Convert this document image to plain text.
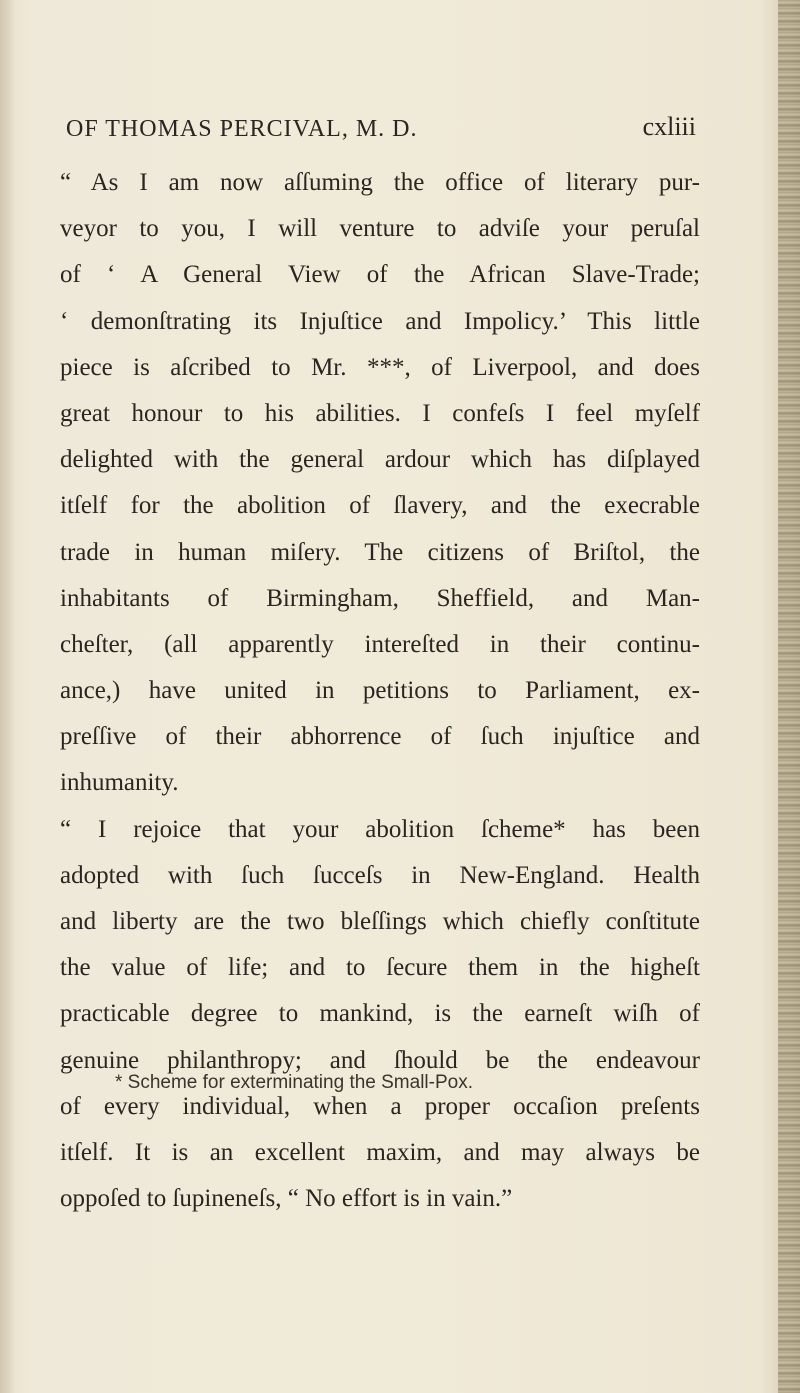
OF THOMAS PERCIVAL, M. D.	cxliii
“ As I am now aſſuming the office of literary pur-
veyor to you, I will venture to adviſe your peruſal
of ‘ A General View of the African Slave-Trade;
‘ demonſtrating its Injuſtice and Impolicy.’ This little
piece is aſcribed to Mr. ***, of Liverpool, and does
great honour to his abilities. I confeſs I feel myſelf
delighted with the general ardour which has diſplayed
itſelf for the abolition of ſlavery, and the execrable
trade in human miſery. The citizens of Briſtol, the
inhabitants of Birmingham, Sheffield, and Man-
cheſter, (all apparently intereſted in their continu-
ance,) have united in petitions to Parliament, ex-
preſſive of their abhorrence of ſuch injuſtice and
inhumanity.
“ I rejoice that your abolition ſcheme* has been
adopted with ſuch ſucceſs in New-England. Health
and liberty are the two bleſſings which chiefly conſtitute
the value of life; and to ſecure them in the higheſt
practicable degree to mankind, is the earneſt wiſh of
genuine philanthropy; and ſhould be the endeavour
of every individual, when a proper occaſion preſents
itſelf. It is an excellent maxim, and may always be
oppoſed to ſupineneſs, “ No effort is in vain.”
* Scheme for exterminating the Small-Pox.
